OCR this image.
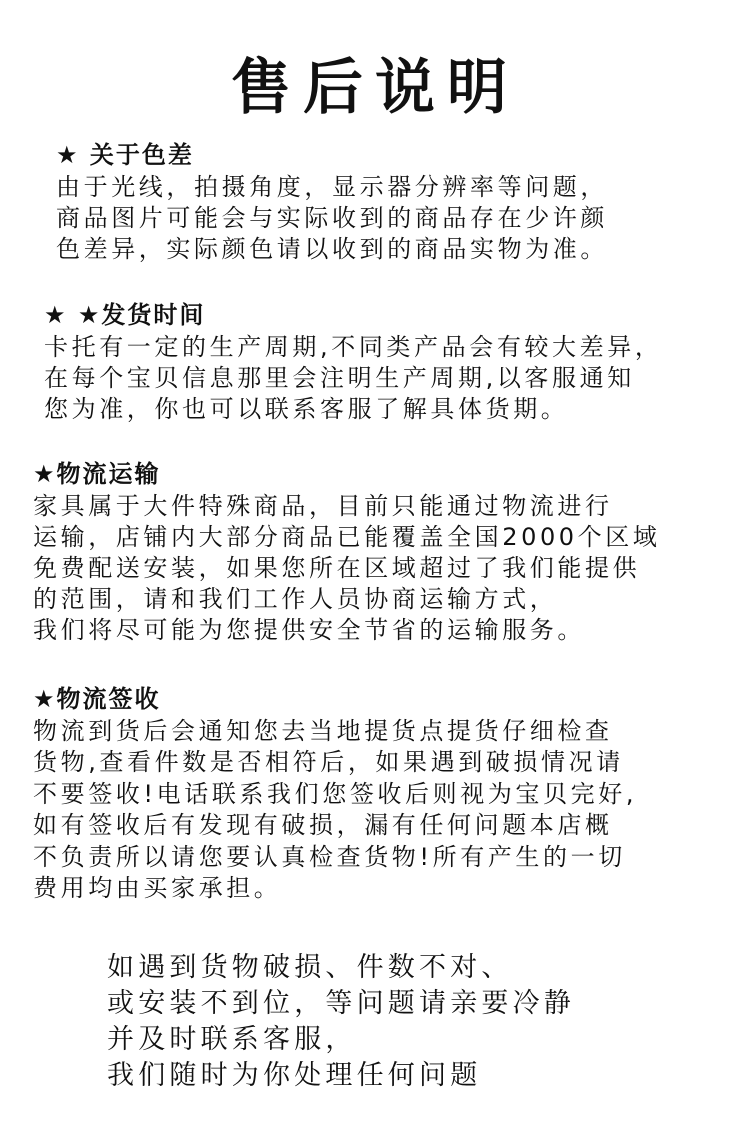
售后说明
★ 关于色差
由于光线，拍摄角度，显示器分辨率等问题，
商品图片可能会与实际收到的商品存在少许颜
色差异，实际颜色请以收到的商品实物为准。
★ ★发货时间
卡托有一定的生产周期,不同类产品会有较大差异，
在每个宝贝信息那里会注明生产周期,以客服通知
您为准，你也可以联系客服了解具体货期。
★物流运输
家具属于大件特殊商品，目前只能通过物流进行
运输，店铺内大部分商品已能覆盖全国2000个区域
免费配送安装，如果您所在区域超过了我们能提供
的范围，请和我们工作人员协商运输方式，
我们将尽可能为您提供安全节省的运输服务。
★物流签收
物流到货后会通知您去当地提货点提货仔细检查
货物,查看件数是否相符后，如果遇到破损情况请
不要签收!电话联系我们您签收后则视为宝贝完好,
如有签收后有发现有破损，漏有任何问题本店概
不负责所以请您要认真检查货物!所有产生的一切
费用均由买家承担。
如遇到货物破损、件数不对、
或安装不到位，等问题请亲要冷静
并及时联系客服，
我们随时为你处理任何问题
